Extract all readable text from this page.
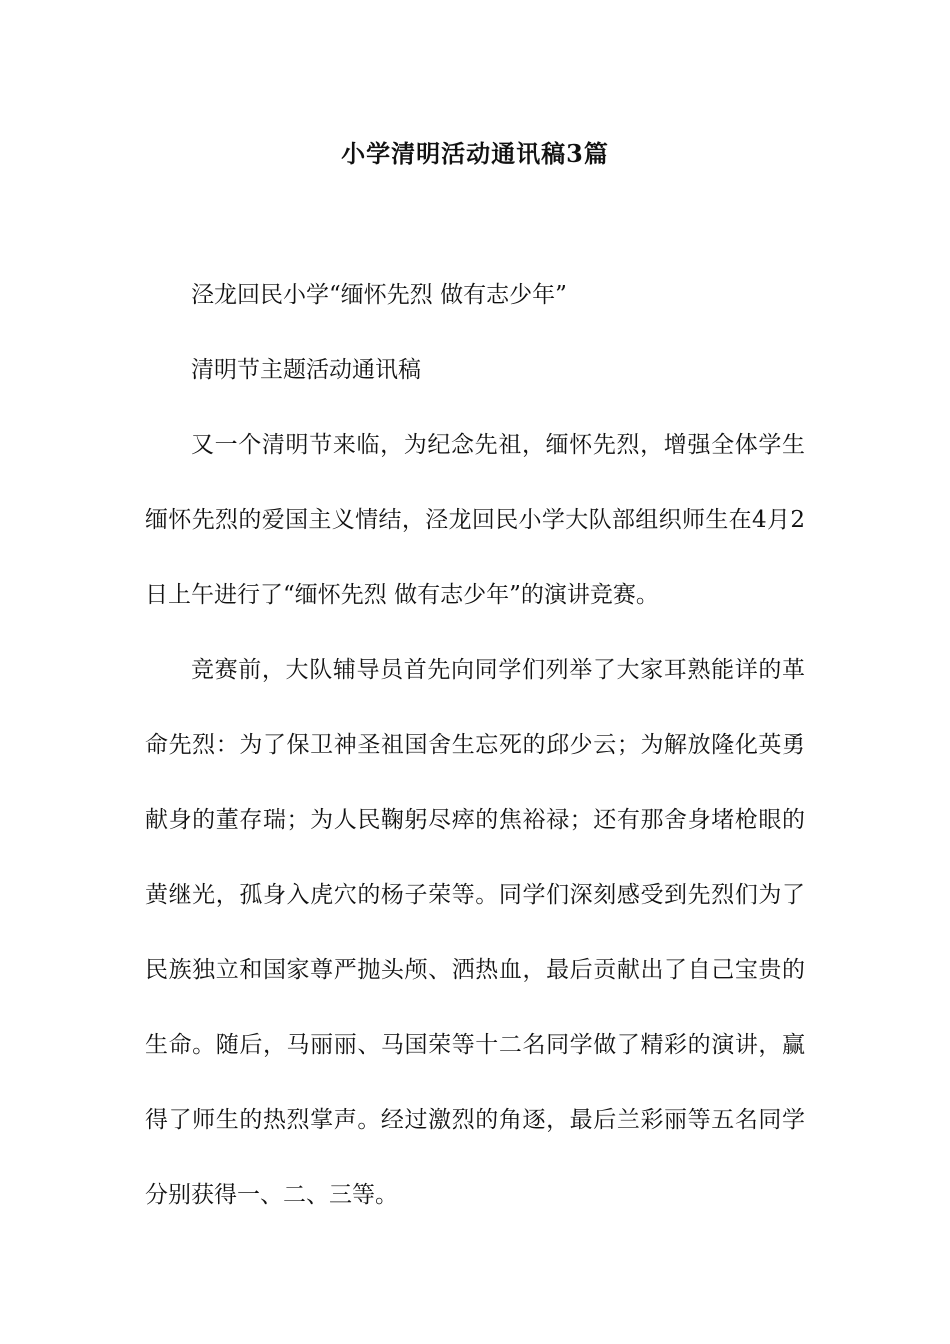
小学清明活动通讯稿3篇

泾龙回民小学“缅怀先烈 做有志少年”

清明节主题活动通讯稿

又一个清明节来临，为纪念先祖，缅怀先烈，增强全体学生缅怀先烈的爱国主义情结，泾龙回民小学大队部组织师生在4月2日上午进行了“缅怀先烈 做有志少年”的演讲竞赛。

竞赛前，大队辅导员首先向同学们列举了大家耳熟能详的革命先烈：为了保卫神圣祖国舍生忘死的邱少云；为解放隆化英勇献身的董存瑞；为人民鞠躬尽瘁的焦裕禄；还有那舍身堵枪眼的黄继光，孤身入虎穴的杨子荣等。同学们深刻感受到先烈们为了民族独立和国家尊严抛头颅、洒热血，最后贡献出了自己宝贵的生命。随后，马丽丽、马国荣等十二名同学做了精彩的演讲，赢得了师生的热烈掌声。经过激烈的角逐，最后兰彩丽等五名同学分别获得一、二、三等。
